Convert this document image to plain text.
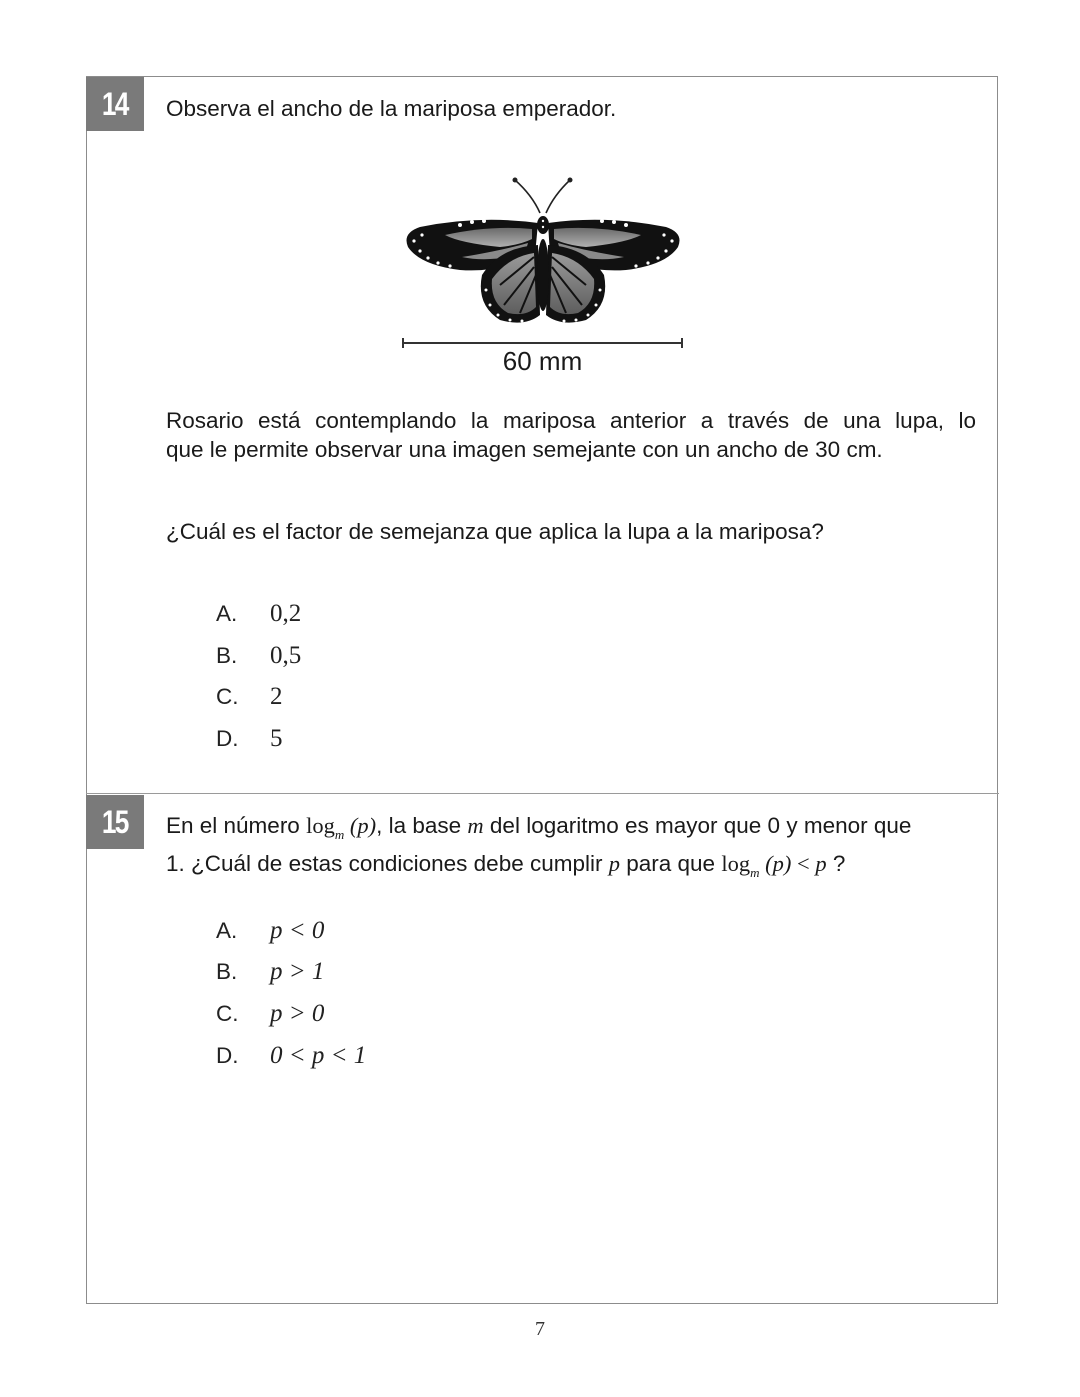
14 Observa el ancho de la mariposa emperador.
60 mm
Rosario está contemplando la mariposa anterior a través de una lupa, lo
que le permite observar una imagen semejante con un ancho de 30 cm.
¿Cuál es el factor de semejanza que aplica la lupa a la mariposa?
A.	0,2
B.	0,5
C.	2
D.	5
15 En el número $\log_m (p)$, la base m del logaritmo es mayor que 0 y menor que
1. ¿Cuál de estas condiciones debe cumplir p para que $\log_m (p) < p$ ?
A.	p < 0
B.	p > 1
C.	p > 0
D.	0 < p < 1
7
